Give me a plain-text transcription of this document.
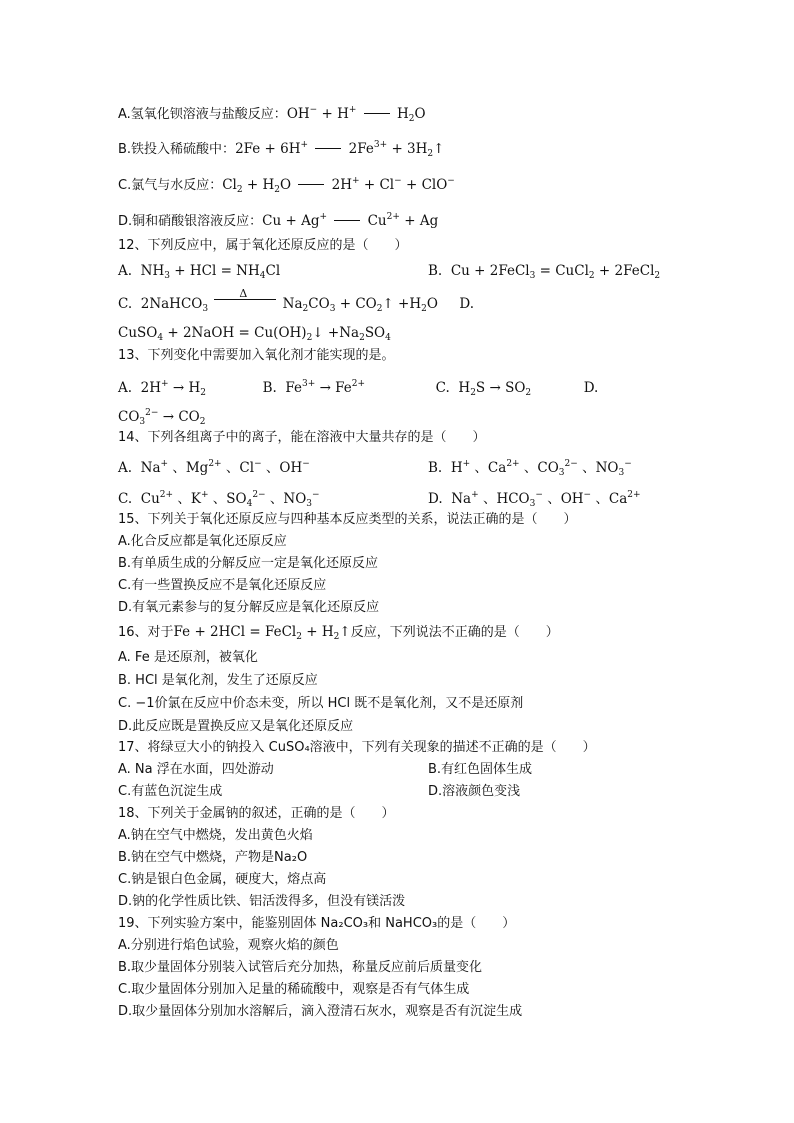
A.氢氧化钡溶液与盐酸反应：OH− + H+	$H_2O$
B.铁投入稀硫酸中：2Fe + 6H+	$2Fe^{3+}$ + $3H_2↑$
C.氯气与水反应：$Cl_2 + H_2O$  2H+ + Cl− + ClO−
D.铜和硝酸银溶液反应：Cu + Ag+	$Cu^{2+} + Ag$
12、下列反应中，属于氧化还原反应的是（　　）
A. $NH_3$ + HCl = $NH_4Cl$	B. Cu + 2FeCl$_3$ = CuCl$_2$ + 2FeCl$_2$
C. 2NaHCO$_3$
Δ
$Na_2CO_3$ + $CO_2↑ +H_2O$ D.
CuSO$_4$ + 2NaOH = $Cu(OH)_2↓ +Na_2SO_4$
13、下列变化中需要加入氧化剂才能实现的是。
A. $2H^+ \to H_2$	B. $Fe^{3+} \to Fe^{2+}$	C. $H_2S \to SO_2$	D.
$CO_3^{2-} \to CO_2$
14、下列各组离子中的离子，能在溶液中大量共存的是（　　）
A. Na+ 、$Mg^{2+}$ 、Cl− 、OH−	B. H+ 、$Ca^{2+}$ 、$CO_3^{2-}$ 、$NO_3^-$
C. $Cu^{2+}$ 、K+ 、$SO_4^{2-}$ 、$NO_3^-$	D. Na+ 、$HCO_3^-$ 、OH− 、$Ca^{2+}$
15、下列关于氧化还原反应与四种基本反应类型的关系，说法正确的是（　　）
A.化合反应都是氧化还原反应
B.有单质生成的分解反应一定是氧化还原反应
C.有一些置换反应不是氧化还原反应
D.有氧元素参与的复分解反应是氧化还原反应
16、对于Fe + 2HCl = FeCl$_2$ + $H_2↑$反应，下列说法不正确的是（　　）
A. Fe 是还原剂，被氧化
B. HCl 是氧化剂，发生了还原反应
C. −1价氯在反应中价态未变，所以 HCl 既不是氧化剂，又不是还原剂
D.此反应既是置换反应又是氧化还原反应
17、将绿豆大小的钠投入 CuSO₄溶液中，下列有关现象的描述不正确的是（　　）
A. Na 浮在水面，四处游动	B.有红色固体生成
C.有蓝色沉淀生成	D.溶液颜色变浅
18、下列关于金属钠的叙述，正确的是（　　）
A.钠在空气中燃烧，发出黄色火焰
B.钠在空气中燃烧，产物是Na₂O
C.钠是银白色金属，硬度大，熔点高
D.钠的化学性质比铁、铝活泼得多，但没有镁活泼
19、下列实验方案中，能鉴别固体 Na₂CO₃和 NaHCO₃的是（　　）
A.分别进行焰色试验，观察火焰的颜色
B.取少量固体分别装入试管后充分加热，称量反应前后质量变化
C.取少量固体分别加入足量的稀硫酸中，观察是否有气体生成
D.取少量固体分别加水溶解后，滴入澄清石灰水，观察是否有沉淀生成
